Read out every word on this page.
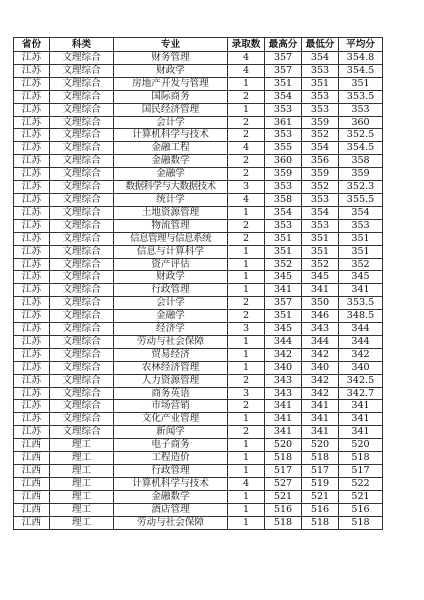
省份	科类	专业	录取数	最高分	最低分	平均分
江苏	文理综合	财务管理	4	357	354	354.8
江苏	文理综合	财政学	4	357	353	354.5
江苏	文理综合	房地产开发与管理	1	351	351	351
江苏	文理综合	国际商务	2	354	353	353.5
江苏	文理综合	国民经济管理	1	353	353	353
江苏	文理综合	会计学	2	361	359	360
江苏	文理综合	计算机科学与技术	2	353	352	352.5
江苏	文理综合	金融工程	4	355	354	354.5
江苏	文理综合	金融数学	2	360	356	358
江苏	文理综合	金融学	2	359	359	359
江苏	文理综合	数据科学与大数据技术	3	353	352	352.3
江苏	文理综合	统计学	4	358	353	355.5
江苏	文理综合	土地资源管理	1	354	354	354
江苏	文理综合	物流管理	2	353	353	353
江苏	文理综合	信息管理与信息系统	2	351	351	351
江苏	文理综合	信息与计算科学	1	351	351	351
江苏	文理综合	资产评估	1	352	352	352
江苏	文理综合	财政学	1	345	345	345
江苏	文理综合	行政管理	1	341	341	341
江苏	文理综合	会计学	2	357	350	353.5
江苏	文理综合	金融学	2	351	346	348.5
江苏	文理综合	经济学	3	345	343	344
江苏	文理综合	劳动与社会保障	1	344	344	344
江苏	文理综合	贸易经济	1	342	342	342
江苏	文理综合	农林经济管理	1	340	340	340
江苏	文理综合	人力资源管理	2	343	342	342.5
江苏	文理综合	商务英语	3	343	342	342.7
江苏	文理综合	市场营销	2	341	341	341
江苏	文理综合	文化产业管理	1	341	341	341
江苏	文理综合	新闻学	2	341	341	341
江西	理工	电子商务	1	520	520	520
江西	理工	工程造价	1	518	518	518
江西	理工	行政管理	1	517	517	517
江西	理工	计算机科学与技术	4	527	519	522
江西	理工	金融数学	1	521	521	521
江西	理工	酒店管理	1	516	516	516
江西	理工	劳动与社会保障	1	518	518	518
